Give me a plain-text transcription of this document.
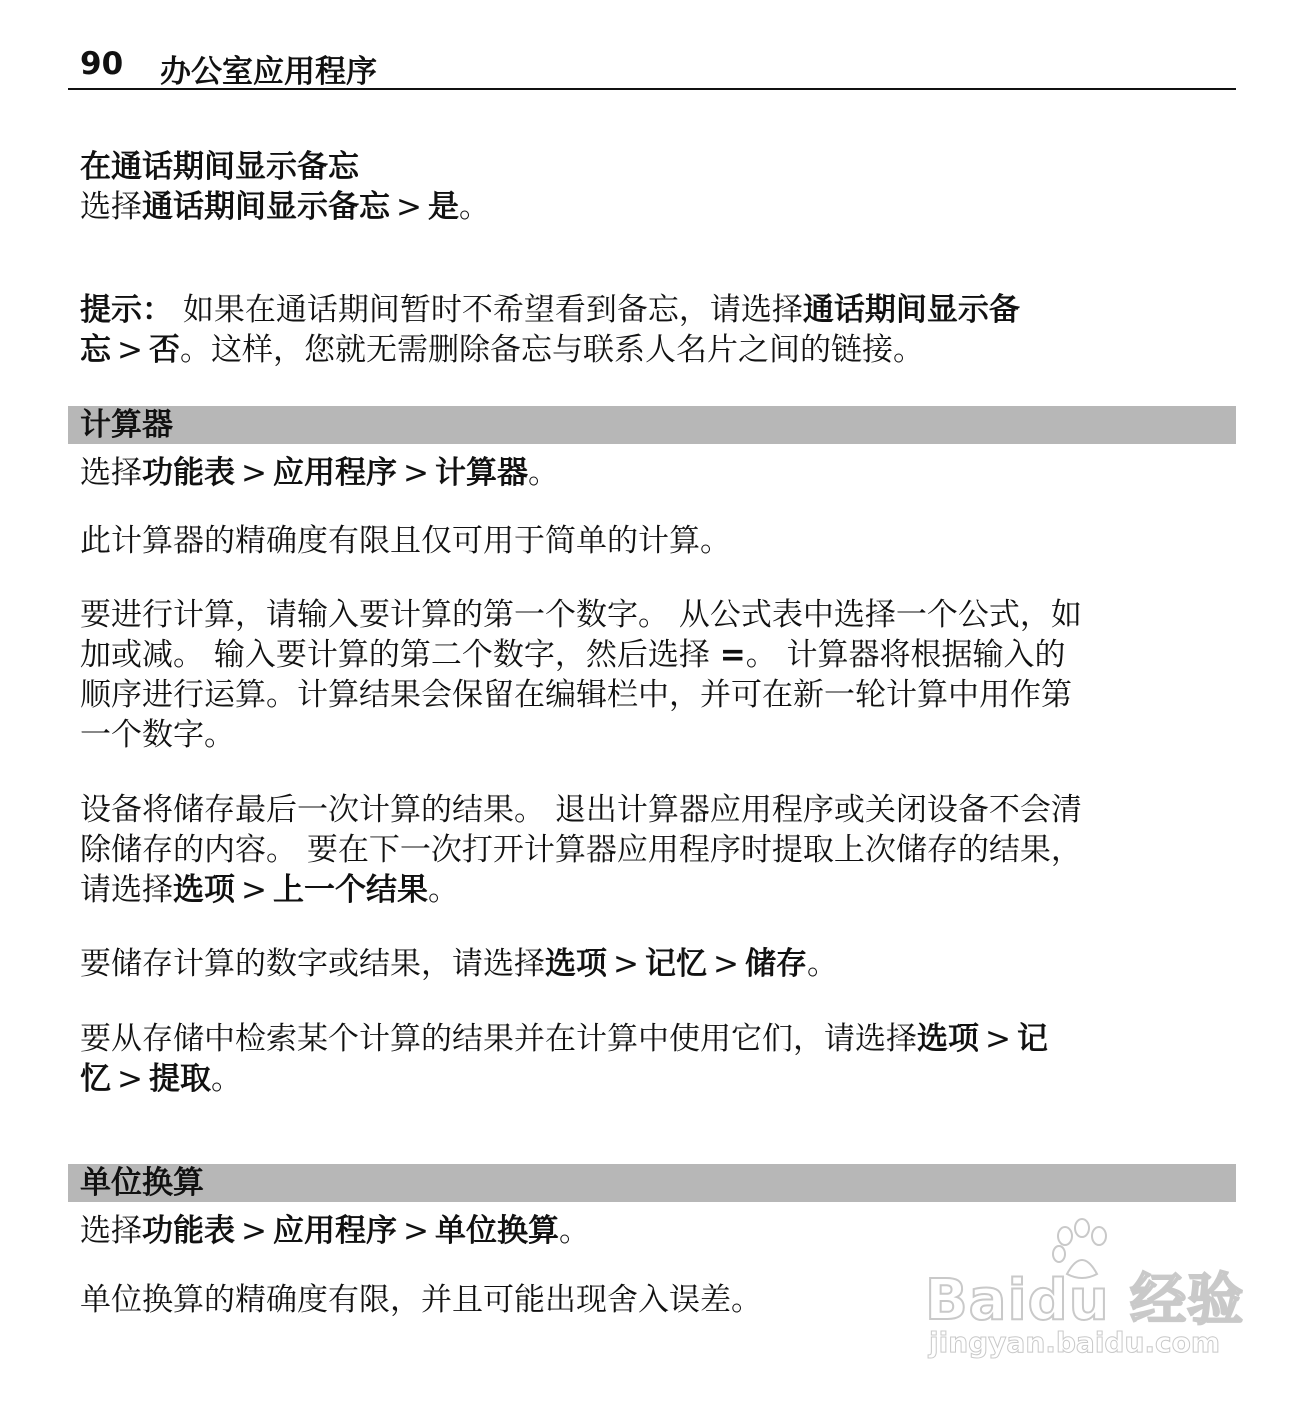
90 办公室应用程序
在通话期间显示备忘
选择通话期间显示备忘 > 是。
提示： 如果在通话期间暂时不希望看到备忘，请选择通话期间显示备
忘 > 否。这样，您就无需删除备忘与联系人名片之间的链接。
计算器
选择功能表 > 应用程序 > 计算器。
此计算器的精确度有限且仅可用于简单的计算。
要进行计算，请输入要计算的第一个数字。 从公式表中选择一个公式，如
加或减。 输入要计算的第二个数字，然后选择 =。 计算器将根据输入的
顺序进行运算。计算结果会保留在编辑栏中，并可在新一轮计算中用作第
一个数字。
设备将储存最后一次计算的结果。 退出计算器应用程序或关闭设备不会清
除储存的内容。 要在下一次打开计算器应用程序时提取上次储存的结果，
请选择选项 > 上一个结果。
要储存计算的数字或结果，请选择选项 > 记忆 > 储存。
要从存储中检索某个计算的结果并在计算中使用它们，请选择选项 > 记
忆 > 提取。
单位换算
选择功能表 > 应用程序 > 单位换算。
单位换算的精确度有限，并且可能出现舍入误差。	Baidu 经验
jingyan.baidu.com
